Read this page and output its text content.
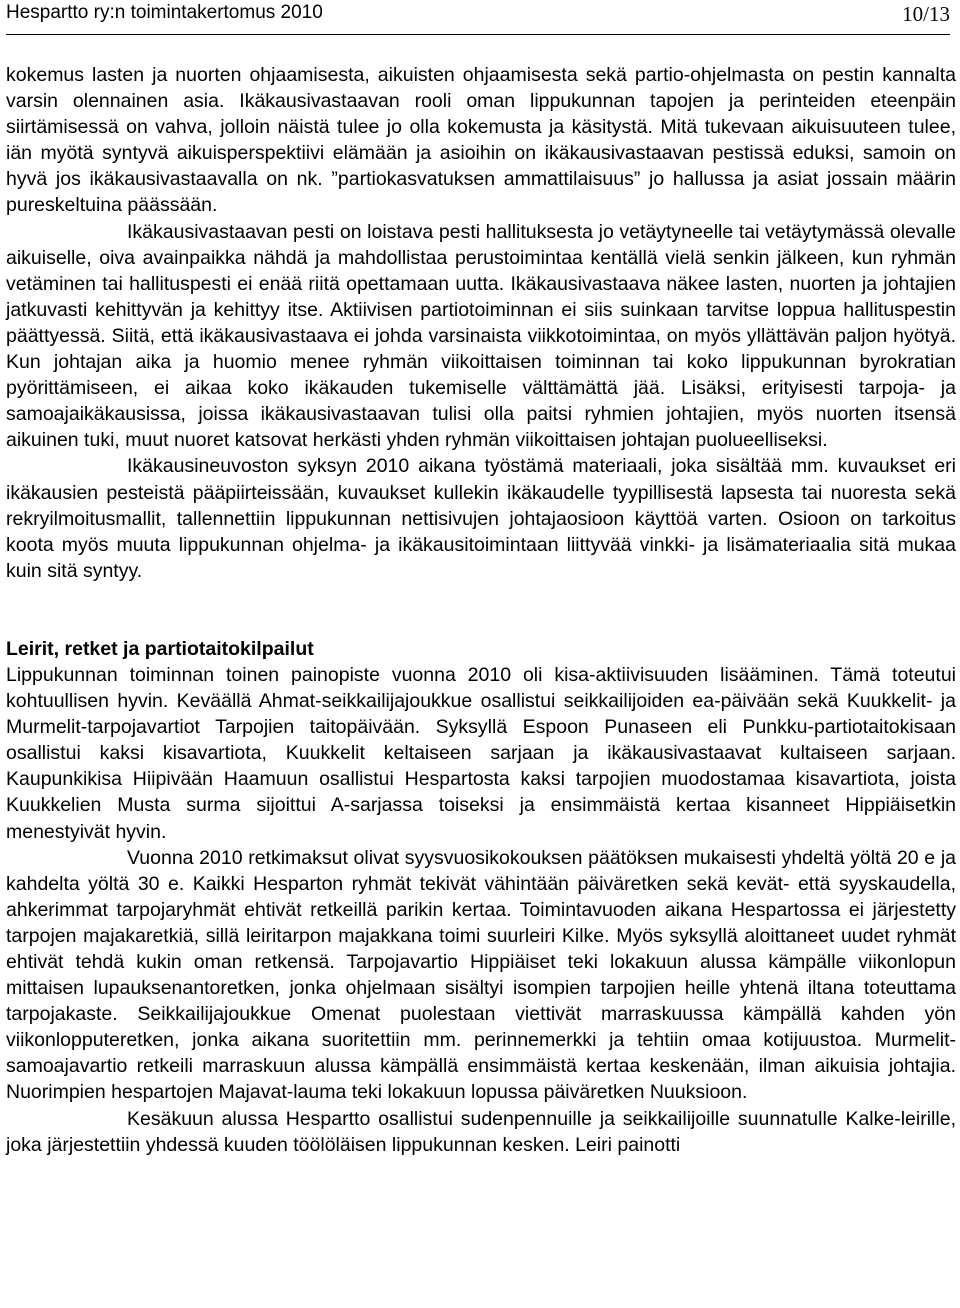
Hespartto ry:n toimintakertomus 2010	10/13

kokemus lasten ja nuorten ohjaamisesta, aikuisten ohjaamisesta sekä partio-ohjelmasta on pestin kannalta varsin olennainen asia. Ikäkausivastaavan rooli oman lippukunnan tapojen ja perinteiden eteenpäin siirtämisessä on vahva, jolloin näistä tulee jo olla kokemusta ja käsitystä. Mitä tukevaan aikuisuuteen tulee, iän myötä syntyvä aikuisperspektiivi elämään ja asioihin on ikäkausivastaavan pestissä eduksi, samoin on hyvä jos ikäkausivastaavalla on nk. ”partiokasvatuksen ammattilaisuus” jo hallussa ja asiat jossain määrin pureskeltuina päässään.

Ikäkausivastaavan pesti on loistava pesti hallituksesta jo vetäytyneelle tai vetäytymässä olevalle aikuiselle, oiva avainpaikka nähdä ja mahdollistaa perustoimintaa kentällä vielä senkin jälkeen, kun ryhmän vetäminen tai hallituspesti ei enää riitä opettamaan uutta. Ikäkausivastaava näkee lasten, nuorten ja johtajien jatkuvasti kehittyvän ja kehittyy itse. Aktiivisen partiotoiminnan ei siis suinkaan tarvitse loppua hallituspestin päättyessä. Siitä, että ikäkausivastaava ei johda varsinaista viikkotoimintaa, on myös yllättävän paljon hyötyä. Kun johtajan aika ja huomio menee ryhmän viikoittaisen toiminnan tai koko lippukunnan byrokratian pyörittämiseen, ei aikaa koko ikäkauden tukemiselle välttämättä jää. Lisäksi, erityisesti tarpoja- ja samoajaikäkausissa, joissa ikäkausivastaavan tulisi olla paitsi ryhmien johtajien, myös nuorten itsensä aikuinen tuki, muut nuoret katsovat herkästi yhden ryhmän viikoittaisen johtajan puolueelliseksi.

Ikäkausineuvoston syksyn 2010 aikana työstämä materiaali, joka sisältää mm. kuvaukset eri ikäkausien pesteistä pääpiirteissään, kuvaukset kullekin ikäkaudelle tyypillisestä lapsesta tai nuoresta sekä rekryilmoitusmallit, tallennettiin lippukunnan nettisivujen johtajaosioon käyttöä varten. Osioon on tarkoitus koota myös muuta lippukunnan ohjelma- ja ikäkausitoimintaan liittyvää vinkki- ja lisämateriaalia sitä mukaa kuin sitä syntyy.

Leirit, retket ja partiotaitokilpailut

Lippukunnan toiminnan toinen painopiste vuonna 2010 oli kisa-aktiivisuuden lisääminen. Tämä toteutui kohtuullisen hyvin. Keväällä Ahmat-seikkailijajoukkue osallistui seikkailijoiden ea-päivään sekä Kuukkelit- ja Murmelit-tarpojavartiot Tarpojien taitopäivään. Syksyllä Espoon Punaseen eli Punkku-partiotaitokisaan osallistui kaksi kisavartiota, Kuukkelit keltaiseen sarjaan ja ikäkausivastaavat kultaiseen sarjaan. Kaupunkikisa Hiipivään Haamuun osallistui Hespartosta kaksi tarpojien muodostamaa kisavartiota, joista Kuukkelien Musta surma sijoittui A-sarjassa toiseksi ja ensimmäistä kertaa kisanneet Hippiäisetkin menestyivät hyvin.

Vuonna 2010 retkimaksut olivat syysvuosikokouksen päätöksen mukaisesti yhdeltä yöltä 20 e ja kahdelta yöltä 30 e. Kaikki Hesparton ryhmät tekivät vähintään päiväretken sekä kevät- että syyskaudella, ahkerimmat tarpojaryhmät ehtivät retkeillä parikin kertaa. Toimintavuoden aikana Hespartossa ei järjestetty tarpojen majakaretkiä, sillä leiritarpon majakkana toimi suurleiri Kilke. Myös syksyllä aloittaneet uudet ryhmät ehtivät tehdä kukin oman retkensä. Tarpojavartio Hippiäiset teki lokakuun alussa kämpälle viikonlopun mittaisen lupauksenantoretken, jonka ohjelmaan sisältyi isompien tarpojien heille yhtenä iltana toteuttama tarpojakaste. Seikkailijajoukkue Omenat puolestaan viettivät marraskuussa kämpällä kahden yön viikonlopputeretken, jonka aikana suoritettiin mm. perinnemerkki ja tehtiin omaa kotijuustoa. Murmelit-samoajavartio retkeili marraskuun alussa kämpällä ensimmäistä kertaa keskenään, ilman aikuisia johtajia. Nuorimpien hespartojen Majavat-lauma teki lokakuun lopussa päiväretken Nuuksioon.

Kesäkuun alussa Hespartto osallistui sudenpennuille ja seikkailijoille suunnatulle Kalke-leirille, joka järjestettiin yhdessä kuuden töölöläisen lippukunnan kesken. Leiri painotti
